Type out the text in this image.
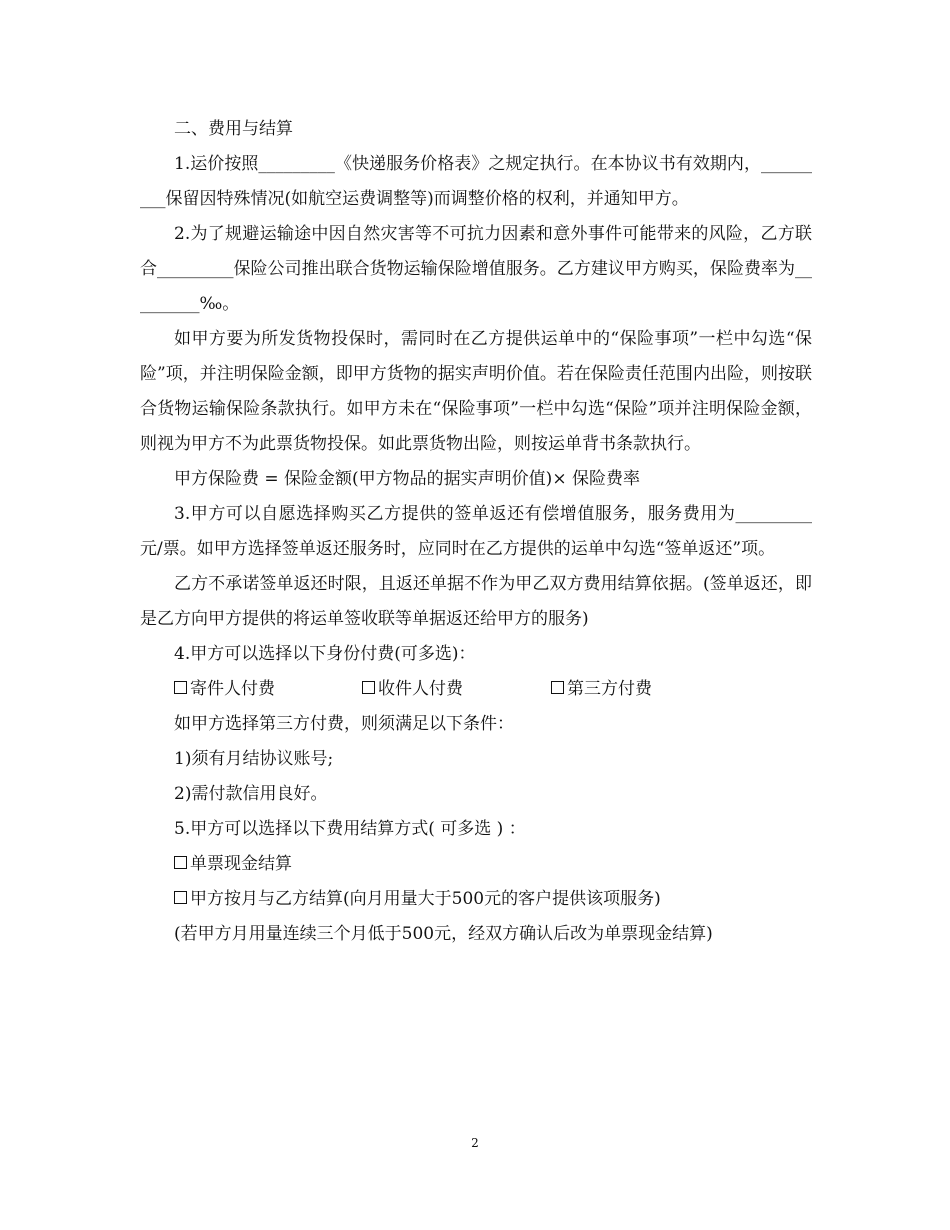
二、费用与结算

1.运价按照_________《快递服务价格表》之规定执行。在本协议书有效期内，_________保留因特殊情况(如航空运费调整等)而调整价格的权利，并通知甲方。

2.为了规避运输途中因自然灾害等不可抗力因素和意外事件可能带来的风险，乙方联合_________保险公司推出联合货物运输保险增值服务。乙方建议甲方购买，保险费率为_________‰。

如甲方要为所发货物投保时，需同时在乙方提供运单中的“保险事项”一栏中勾选“保险”项，并注明保险金额，即甲方货物的据实声明价值。若在保险责任范围内出险，则按联合货物运输保险条款执行。如甲方未在“保险事项”一栏中勾选“保险”项并注明保险金额，则视为甲方不为此票货物投保。如此票货物出险，则按运单背书条款执行。

甲方保险费 = 保险金额(甲方物品的据实声明价值)× 保险费率

3.甲方可以自愿选择购买乙方提供的签单返还有偿增值服务，服务费用为_________元/票。如甲方选择签单返还服务时，应同时在乙方提供的运单中勾选“签单返还”项。

乙方不承诺签单返还时限，且返还单据不作为甲乙双方费用结算依据。(签单返还，即是乙方向甲方提供的将运单签收联等单据返还给甲方的服务)

4.甲方可以选择以下身份付费(可多选)：

寄件人付费	收件人付费	第三方付费

如甲方选择第三方付费，则须满足以下条件：

1)须有月结协议账号;

2)需付款信用良好。

5.甲方可以选择以下费用结算方式( 可多选 ) ：

单票现金结算

甲方按月与乙方结算(向月用量大于500元的客户提供该项服务)

(若甲方月用量连续三个月低于500元，经双方确认后改为单票现金结算)

2
